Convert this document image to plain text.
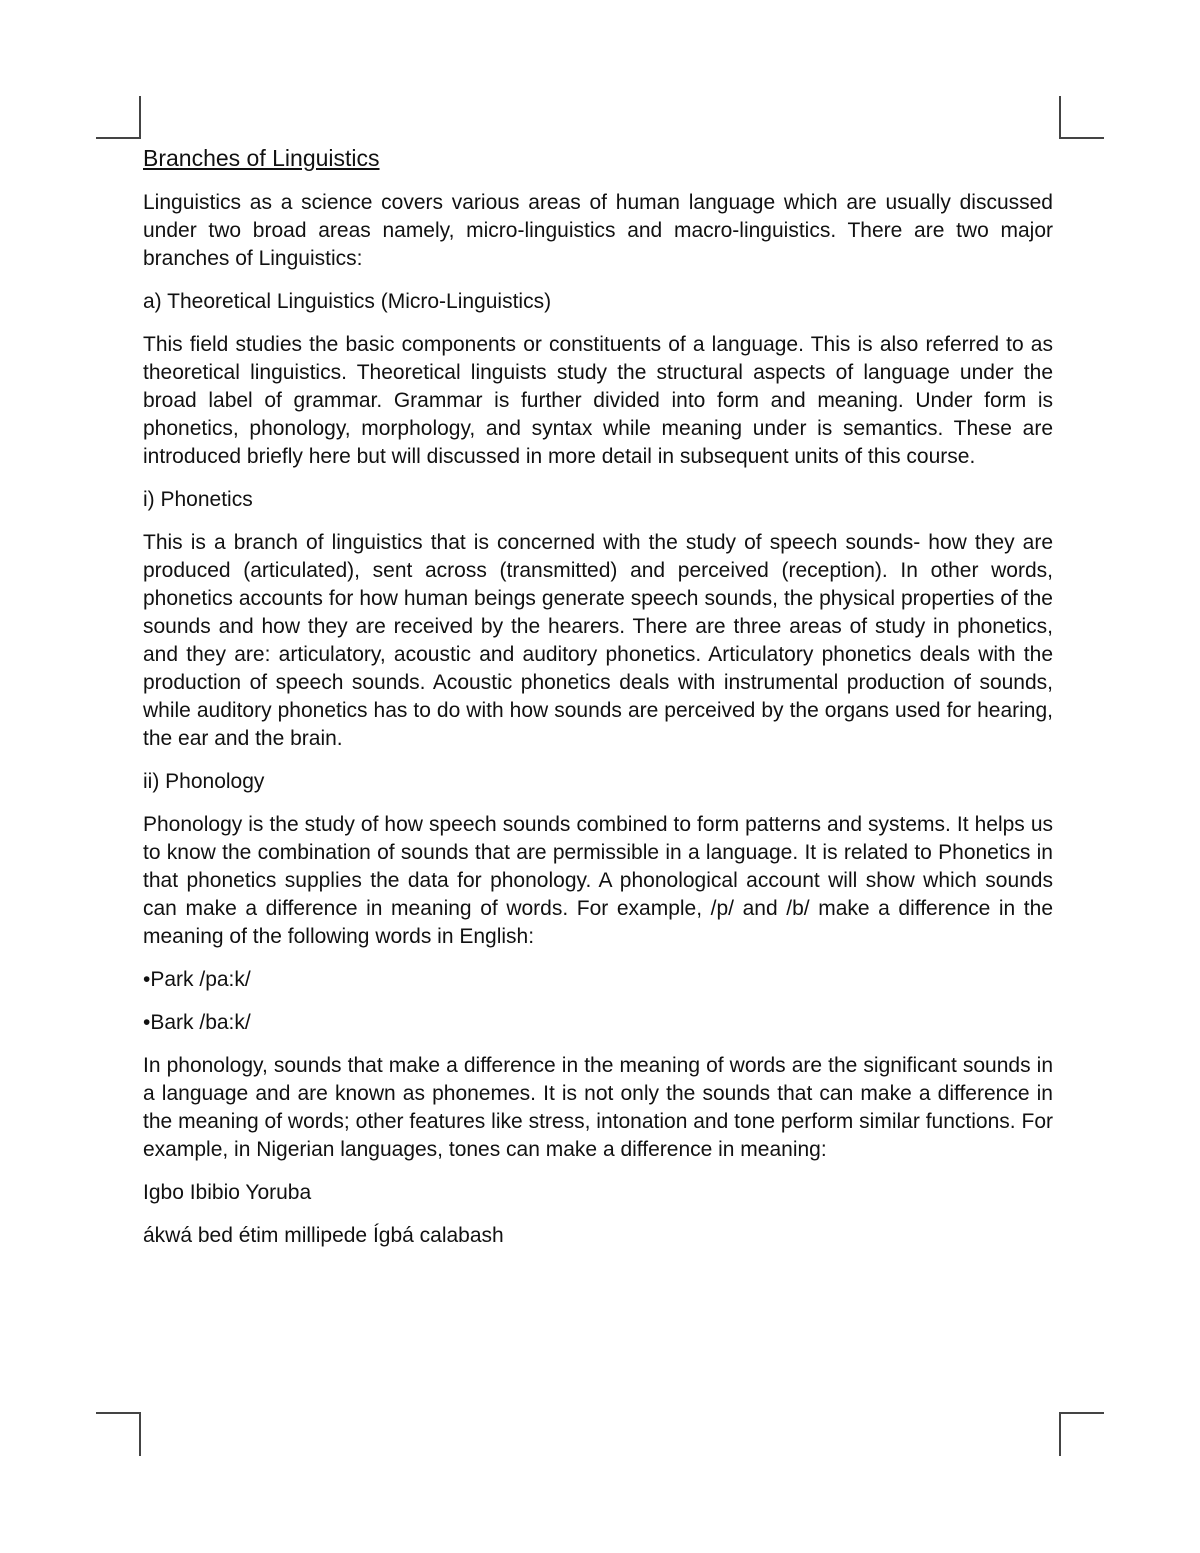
Branches of Linguistics
Linguistics as a science covers various areas of human language which are usually discussed under two broad areas namely, micro-linguistics and macro-linguistics. There are two major branches of Linguistics:
a) Theoretical Linguistics (Micro-Linguistics)
This field studies the basic components or constituents of a language. This is also referred to as theoretical linguistics. Theoretical linguists study the structural aspects of language under the broad label of grammar. Grammar is further divided into form and meaning. Under form is phonetics, phonology, morphology, and syntax while meaning under is semantics. These are introduced briefly here but will discussed in more detail in subsequent units of this course.
i) Phonetics
This is a branch of linguistics that is concerned with the study of speech sounds- how they are produced (articulated), sent across (transmitted) and perceived (reception). In other words, phonetics accounts for how human beings generate speech sounds, the physical properties of the sounds and how they are received by the hearers. There are three areas of study in phonetics, and they are: articulatory, acoustic and auditory phonetics. Articulatory phonetics deals with the production of speech sounds. Acoustic phonetics deals with instrumental production of sounds, while auditory phonetics has to do with how sounds are perceived by the organs used for hearing, the ear and the brain.
ii) Phonology
Phonology is the study of how speech sounds combined to form patterns and systems. It helps us to know the combination of sounds that are permissible in a language. It is related to Phonetics in that phonetics supplies the data for phonology. A phonological account will show which sounds can make a difference in meaning of words. For example, /p/ and /b/ make a difference in the meaning of the following words in English:
•Park /pa:k/
•Bark /ba:k/
In phonology, sounds that make a difference in the meaning of words are the significant sounds in a language and are known as phonemes. It is not only the sounds that can make a difference in the meaning of words; other features like stress, intonation and tone perform similar functions. For example, in Nigerian languages, tones can make a difference in meaning:
Igbo Ibibio Yoruba
ákwá bed étim millipede Ígbá calabash
